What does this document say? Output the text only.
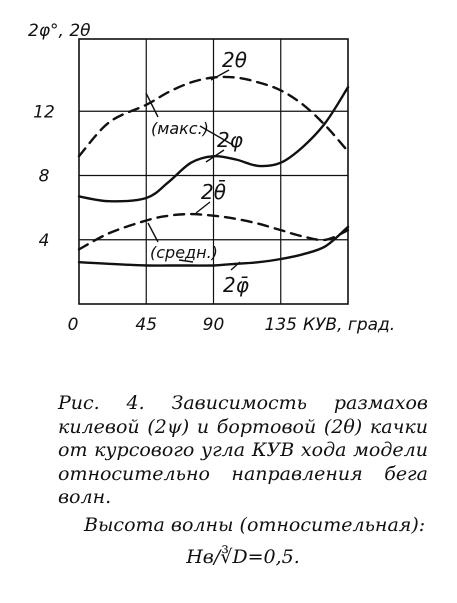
4
8
12
0	45	90 135
2φ°, 2θ
КУВ, град.
2θ
2φ
2θ̄
2φ̄
(макс.)
(средн.)

Рис. 4. Зависимость размахов килевой (2ψ) и бортовой (2θ) качки от курсового угла КУВ хода модели относительно направления бега волн.

Высота волны (относительная):

Hв/∛D=0,5.
